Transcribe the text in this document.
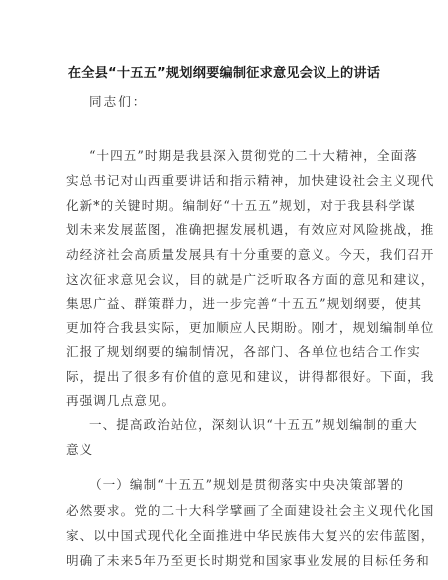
在全县“十五五”规划纲要编制征求意见会议上的讲话
同志们：
“十四五”时期是我县深入贯彻党的二十大精神，全面落
实总书记对山西重要讲话和指示精神，加快建设社会主义现代
化新*的关键时期。编制好“十五五”规划，对于我县科学谋
划未来发展蓝图，准确把握发展机遇，有效应对风险挑战，推
动经济社会高质量发展具有十分重要的意义。今天，我们召开
这次征求意见会议，目的就是广泛听取各方面的意见和建议，
集思广益、群策群力，进一步完善“十五五”规划纲要，使其
更加符合我县实际，更加顺应人民期盼。刚才，规划编制单位
汇报了规划纲要的编制情况，各部门、各单位也结合工作实
际，提出了很多有价值的意见和建议，讲得都很好。下面，我
再强调几点意见。
一、提高政治站位，深刻认识“十五五”规划编制的重大
意义
（一）编制“十五五”规划是贯彻落实中央决策部署的
必然要求。党的二十大科学擘画了全面建设社会主义现代化国
家、以中国式现代化全面推进中华民族伟大复兴的宏伟蓝图，
明确了未来5年乃至更长时期党和国家事业发展的目标任务和
